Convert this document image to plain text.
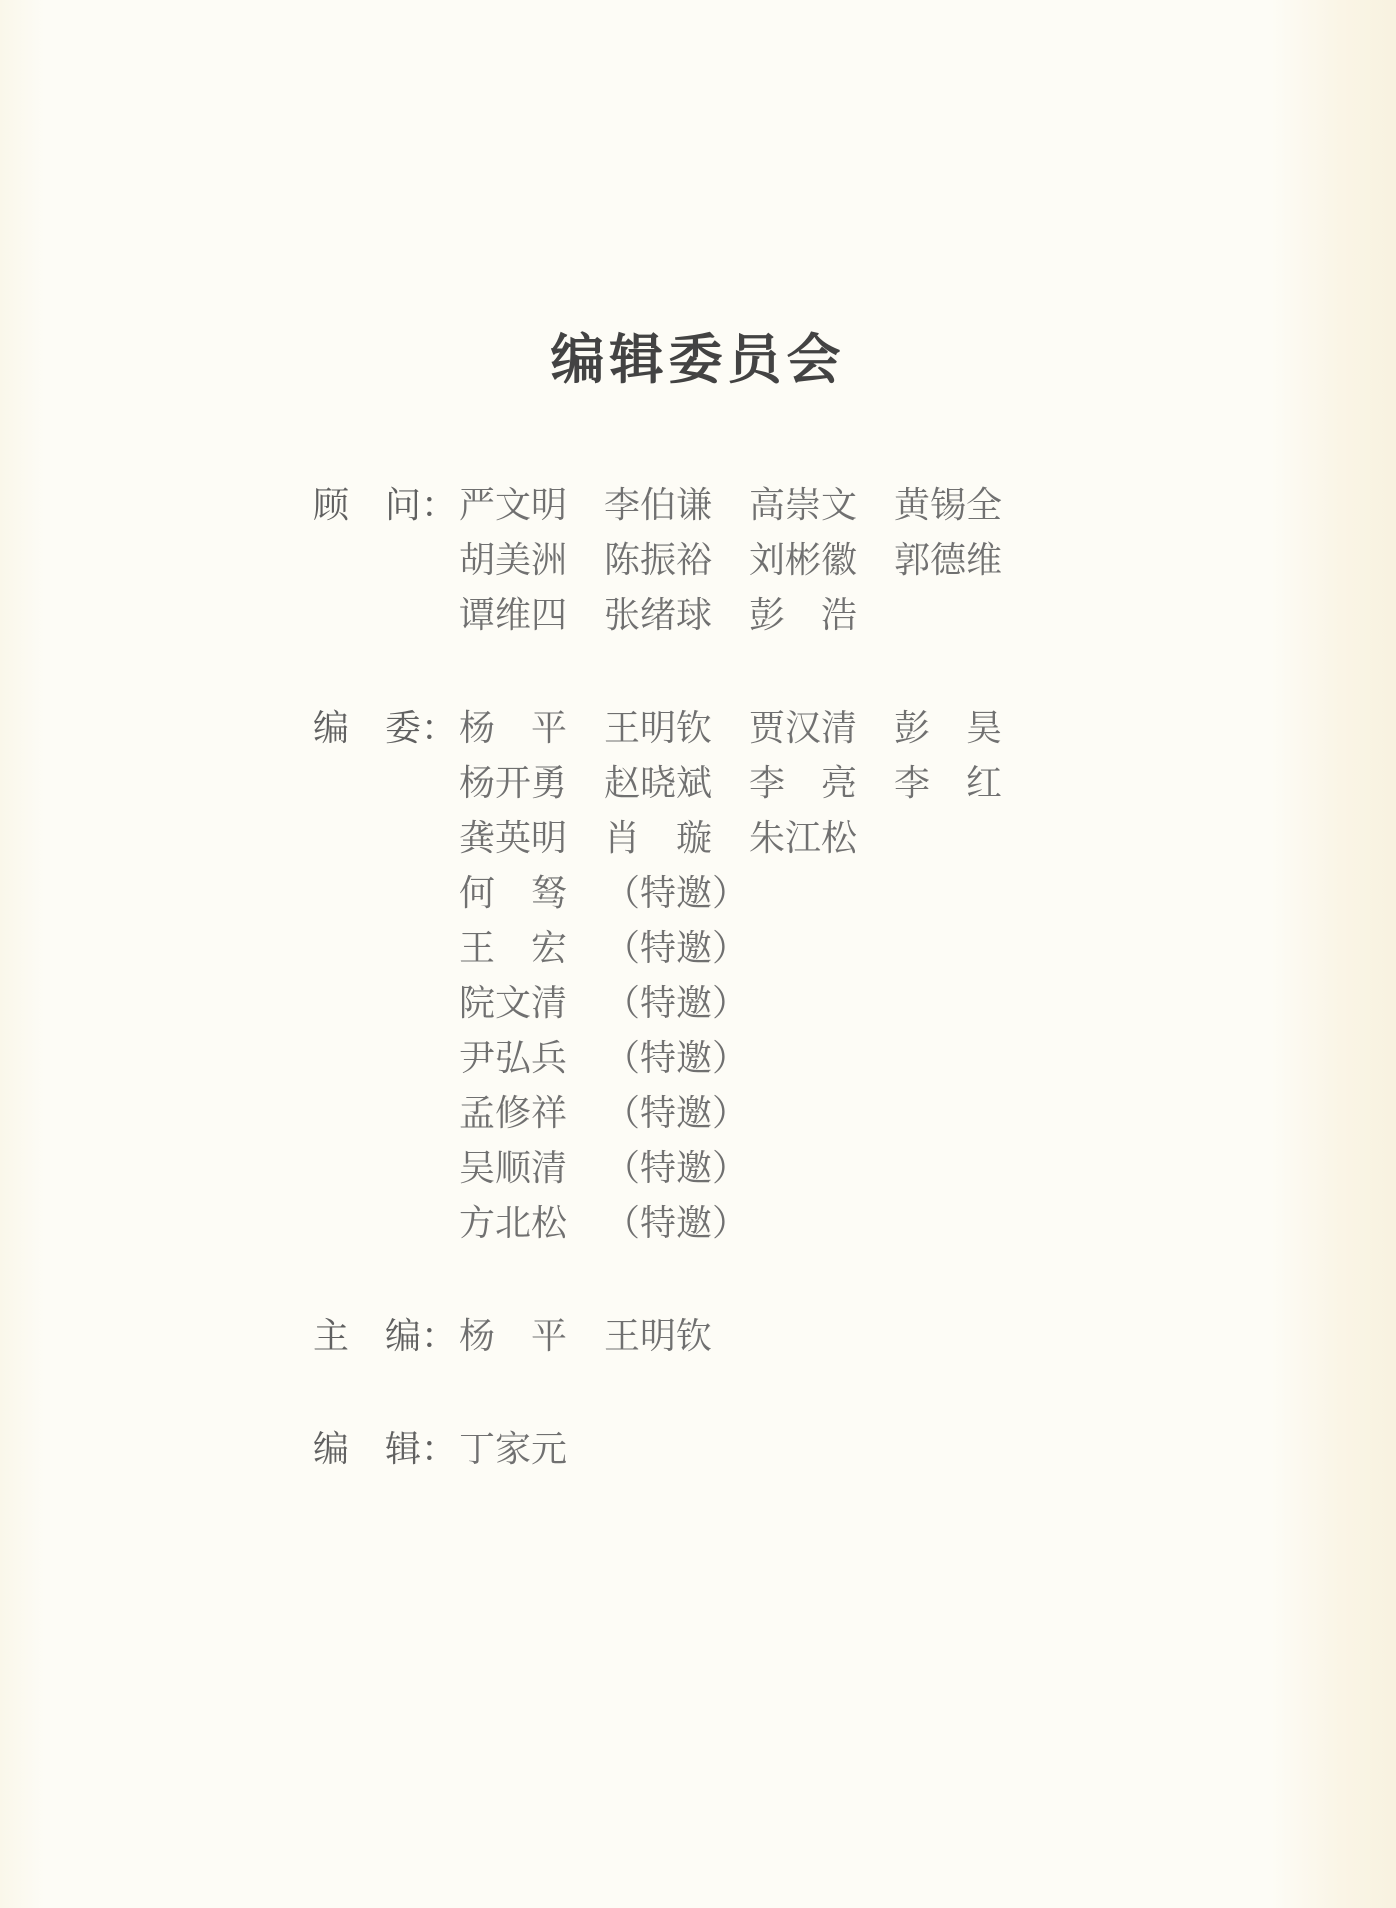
编辑委员会
顾　问： 严文明 李伯谦 高崇文 黄锡全
胡美洲 陈振裕 刘彬徽 郭德维
谭维四 张绪球 彭　浩
编　委： 杨　平 王明钦 贾汉清 彭　昊
杨开勇 赵晓斌 李　亮 李　红
龚英明 肖　璇 朱江松
何　驽 （特邀）
王　宏 （特邀）
院文清 （特邀）
尹弘兵 （特邀）
孟修祥 （特邀）
吴顺清 （特邀）
方北松 （特邀）
主　编： 杨　平 王明钦
编　辑： 丁家元
